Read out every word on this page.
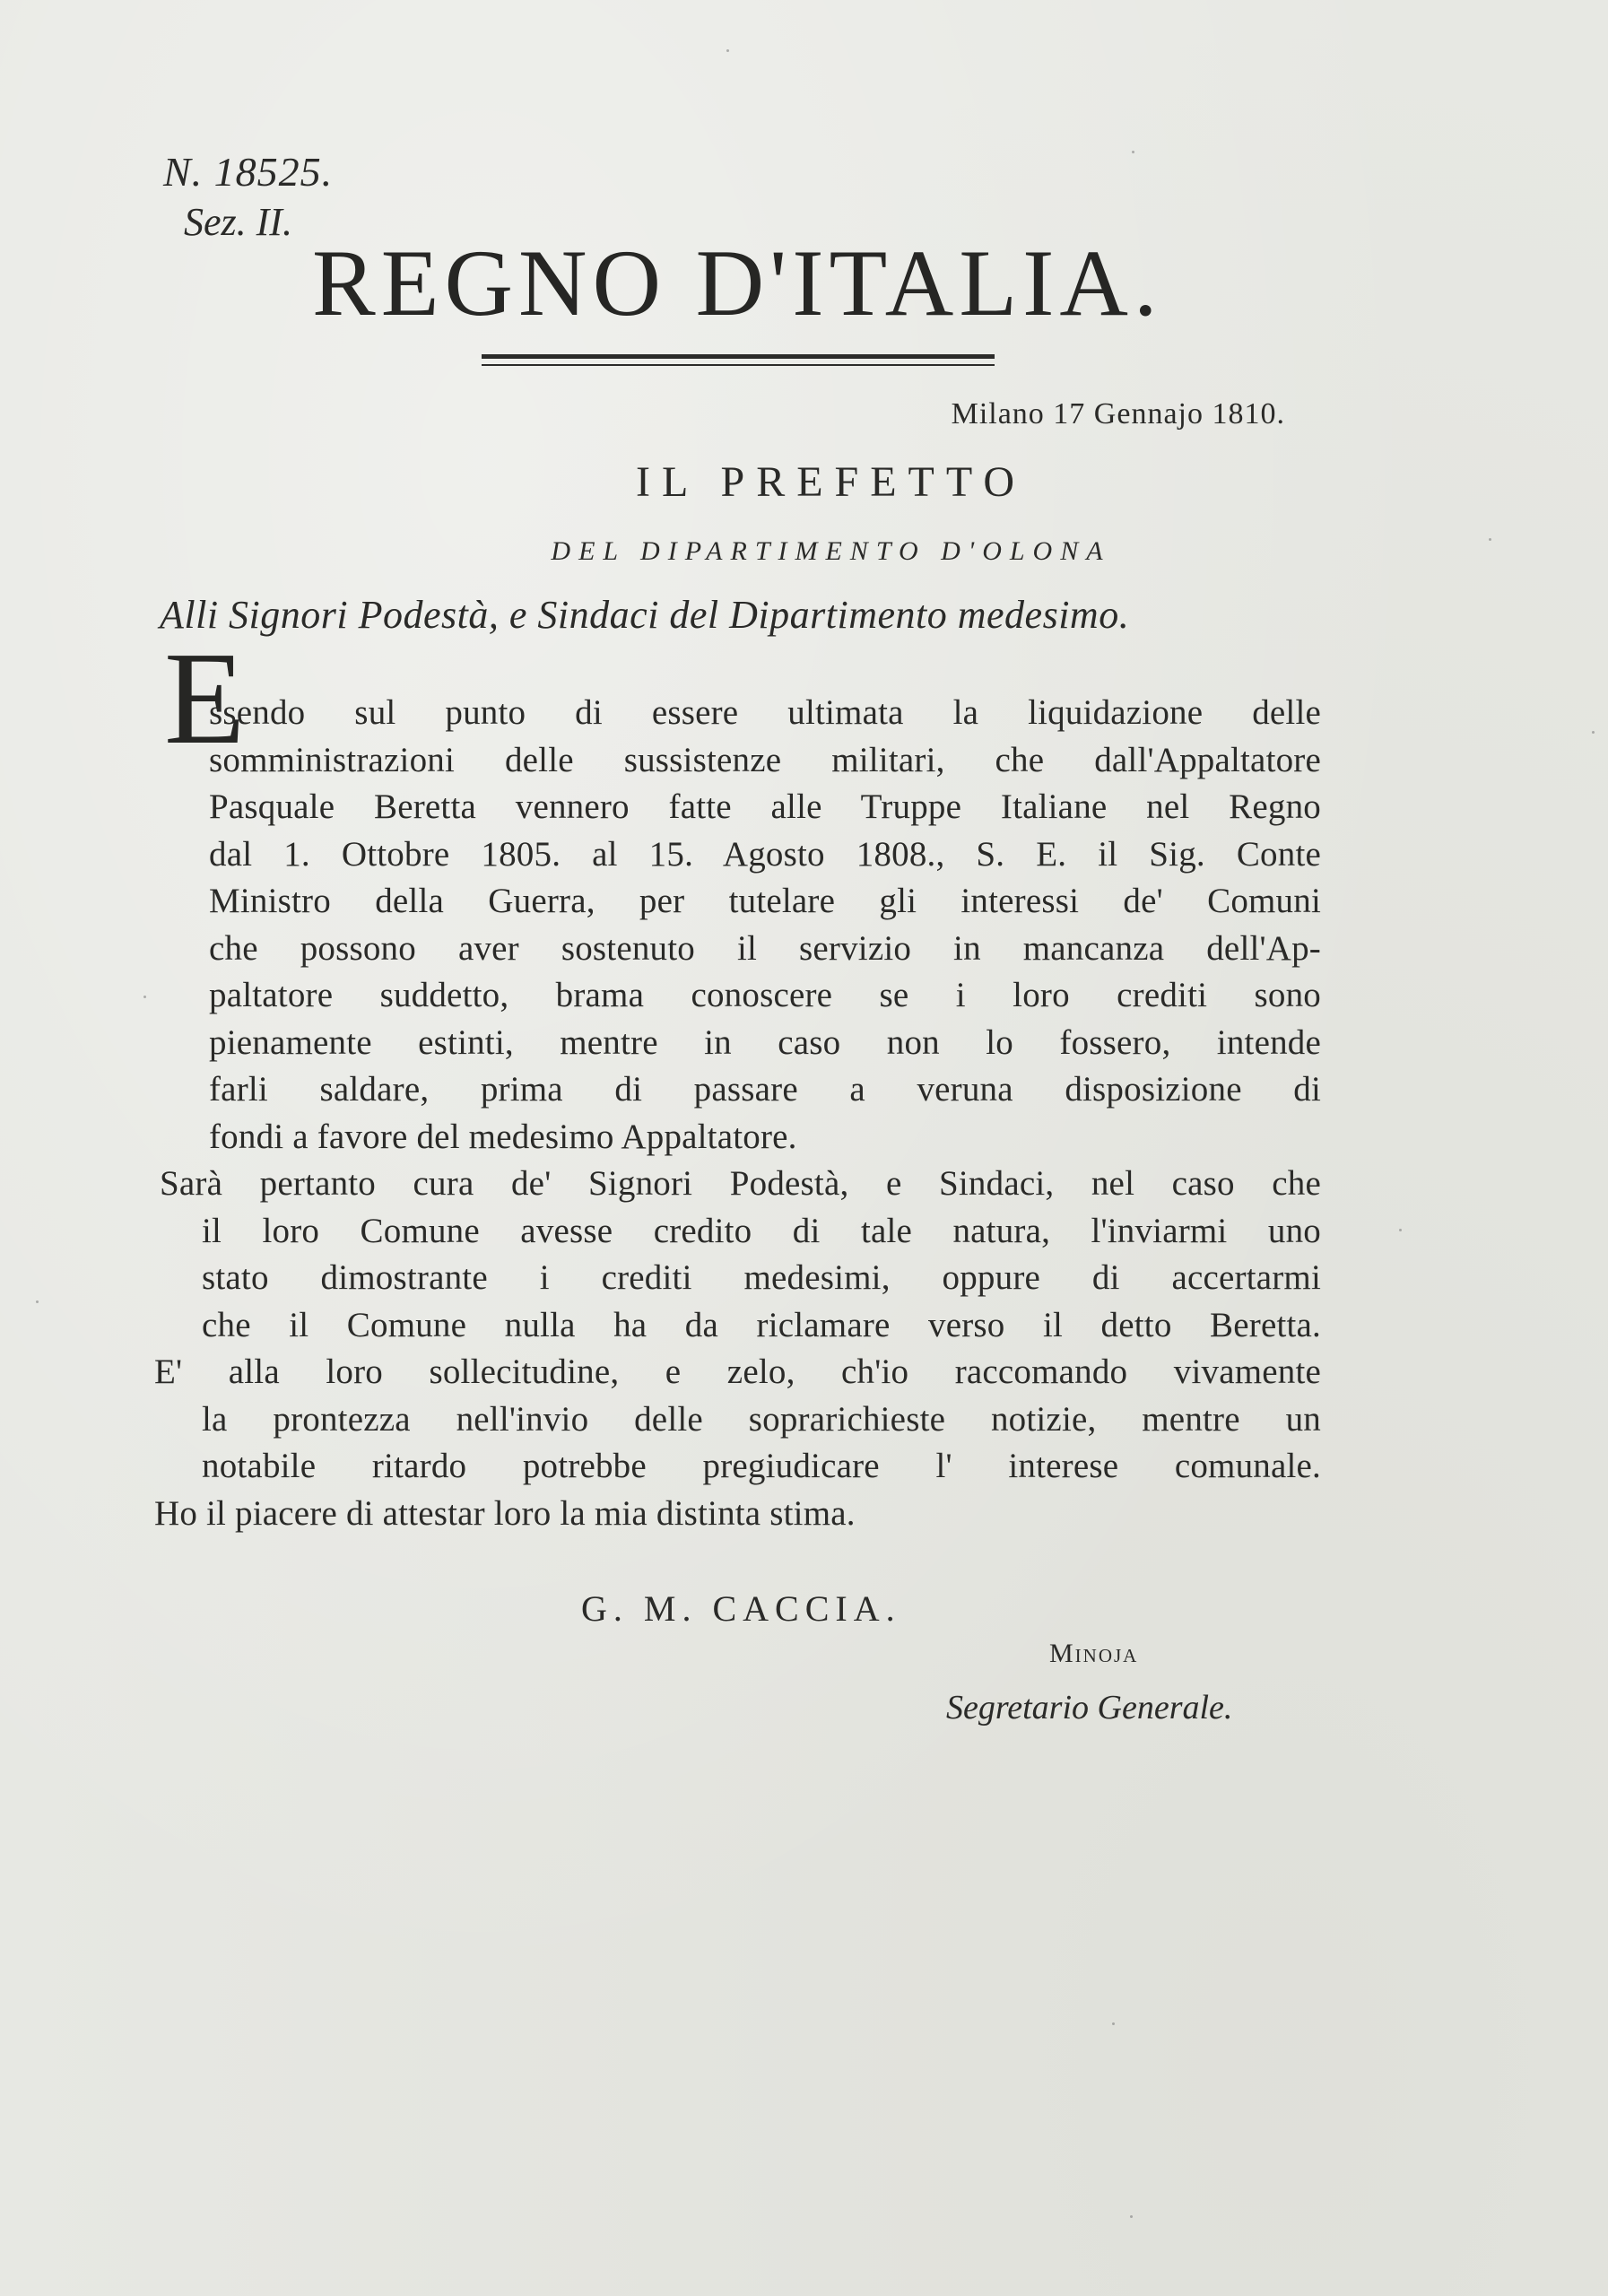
N. 18525.
Sez. II.
REGNO D'ITALIA.
Milano 17 Gennajo 1810.
IL PREFETTO
DEL DIPARTIMENTO D'OLONA
Alli Signori Podestà, e Sindaci del Dipartimento medesimo.
E
ssendo sul punto di essere ultimata la liquidazione delle
somministrazioni delle sussistenze militari, che dall'Appaltatore
Pasquale Beretta vennero fatte alle Truppe Italiane nel Regno
dal 1. Ottobre 1805. al 15. Agosto 1808., S. E. il Sig. Conte
Ministro della Guerra, per tutelare gli interessi de' Comuni
che possono aver sostenuto il servizio in mancanza dell'Ap-
paltatore suddetto, brama conoscere se i loro crediti sono
pienamente estinti, mentre in caso non lo fossero, intende
farli saldare, prima di passare a veruna disposizione di
fondi a favore del medesimo Appaltatore.
Sarà pertanto cura de' Signori Podestà, e Sindaci, nel caso che
il loro Comune avesse credito di tale natura, l'inviarmi uno
stato dimostrante i crediti medesimi, oppure di accertarmi
che il Comune nulla ha da riclamare verso il detto Beretta.
E' alla loro sollecitudine, e zelo, ch'io raccomando vivamente
la prontezza nell'invio delle soprarichieste notizie, mentre un
notabile ritardo potrebbe pregiudicare l' interese comunale.
Ho il piacere di attestar loro la mia distinta stima.
G. M. CACCIA.
Minoja
Segretario Generale.
